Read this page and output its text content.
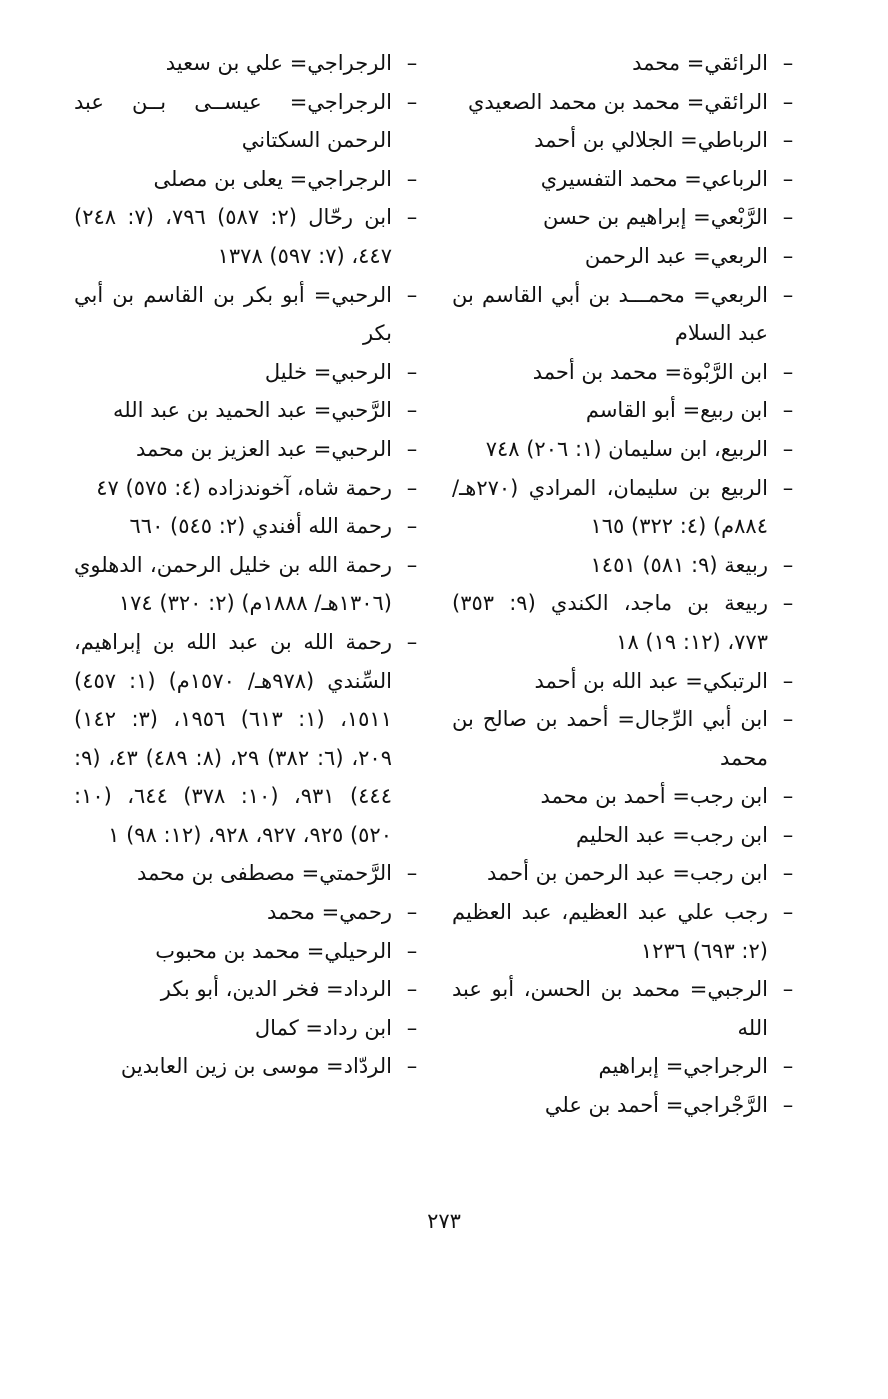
–
الرائقي= محمد
–
الرائقي= محمد بن محمد الصعيدي
–
الرباطي= الجلالي بن أحمد
–
الرباعي= محمد التفسيري
–
الرَّبْعي= إبراهيم بن حسن
–
الربعي= عبد الرحمن
–
الربعي= محمـــد بن أبي القاسم بن عبد السلام
–
ابن الرَّبْوة= محمد بن أحمد
–
ابن ربيع= أبو القاسم
–
الربيع، ابن سليمان (١: ٢٠٦) ٧٤٨
–
الربيع بن سليمان، المرادي (٢٧٠هـ/ ٨٨٤م) (٤: ٣٢٢) ١٦٥
–
ربيعة (٩: ٥٨١) ١٤٥١
–
ربيعة بن ماجد، الكندي (٩: ٣٥٣) ٧٧٣، (١٢: ١٩) ١٨
–
الرتبكي= عبد الله بن أحمد
–
ابن أبي الرِّجال= أحمد بن صالح بن محمد
–
ابن رجب= أحمد بن محمد
–
ابن رجب= عبد الحليم
–
ابن رجب= عبد الرحمن بن أحمد
–
رجب علي عبد العظيم، عبد العظيم (٢: ٦٩٣) ١٢٣٦
–
الرجبي= محمد بن الحسن، أبو عبد الله
–
الرجراجي= إبراهيم
–
الرَّجْراجي= أحمد بن علي
–
الرجراجي= علي بن سعيد
–
الرجراجي= عيســى بــن عبد الرحمن السكتاني
–
الرجراجي= يعلى بن مصلى
–
ابن رحّال (٢: ٥٨٧) ٧٩٦، (٧: ٢٤٨) ٤٤٧، (٧: ٥٩٧) ١٣٧٨
–
الرحبي= أبو بكر بن القاسم بن أبي بكر
–
الرحبي= خليل
–
الرَّحبي= عبد الحميد بن عبد الله
–
الرحبي= عبد العزيز بن محمد
–
رحمة شاه، آخوندزاده (٤: ٥٧٥) ٤٧
–
رحمة الله أفندي (٢: ٥٤٥) ٦٦٠
–
رحمة الله بن خليل الرحمن، الدهلوي (١٣٠٦هـ/ ١٨٨٨م) (٢: ٣٢٠) ١٧٤
–
رحمة الله بن عبد الله بن إبراهيم، السِّندي (٩٧٨هـ/ ١٥٧٠م) (١: ٤٥٧) ١٥١١، (١: ٦١٣) ١٩٥٦، (٣: ١٤٢) ٢٠٩، (٦: ٣٨٢) ٢٩، (٨: ٤٨٩) ٤٣، (٩: ٤٤٤) ٩٣١، (١٠: ٣٧٨) ٦٤٤، (١٠: ٥٢٠) ٩٢٥، ٩٢٧، ٩٢٨، (١٢: ٩٨) ١
–
الرَّحمتي= مصطفى بن محمد
–
رحمي= محمد
–
الرحيلي= محمد بن محبوب
–
الرداد= فخر الدين، أبو بكر
–
ابن رداد= كمال
–
الردّاد= موسى بن زين العابدين
٢٧٣
